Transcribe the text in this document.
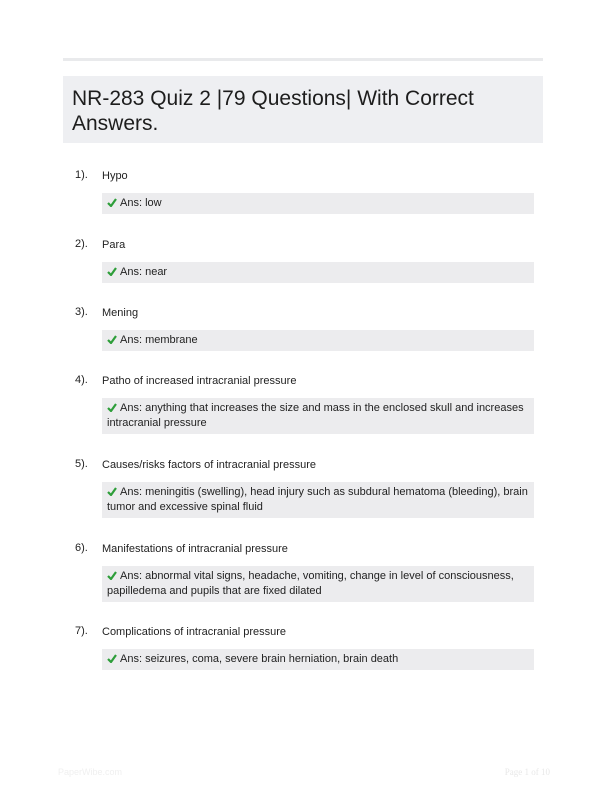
NR-283 Quiz 2 |79 Questions| With Correct Answers.
1). Hypo
Ans: low
2). Para
Ans: near
3). Mening
Ans: membrane
4). Patho of increased intracranial pressure
Ans: anything that increases the size and mass in the enclosed skull and increases intracranial pressure
5). Causes/risks factors of intracranial pressure
Ans: meningitis (swelling), head injury such as subdural hematoma (bleeding), brain tumor and excessive spinal fluid
6). Manifestations of intracranial pressure
Ans: abnormal vital signs, headache, vomiting, change in level of consciousness, papilledema and pupils that are fixed dilated
7). Complications of intracranial pressure
Ans: seizures, coma, severe brain herniation, brain death
PaperWibe.com	Page 1 of 10
